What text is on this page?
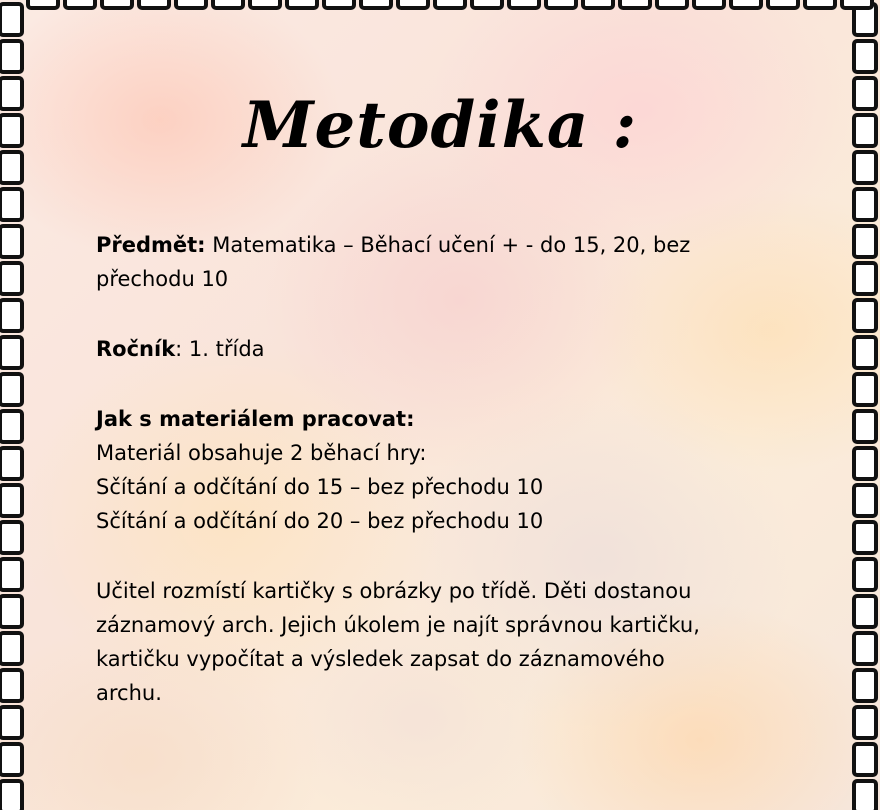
Metodika :

Předmět: Matematika – Běhací učení + - do 15, 20, bez

přechodu 10

Ročník: 1. třída

Jak s materiálem pracovat:

Materiál obsahuje 2 běhací hry:

Sčítání a odčítání do 15 – bez přechodu 10

Sčítání a odčítání do 20 – bez přechodu 10

Učitel rozmístí kartičky s obrázky po třídě. Děti dostanou

záznamový arch. Jejich úkolem je najít správnou kartičku,

kartičku vypočítat a výsledek zapsat do záznamového

archu.
